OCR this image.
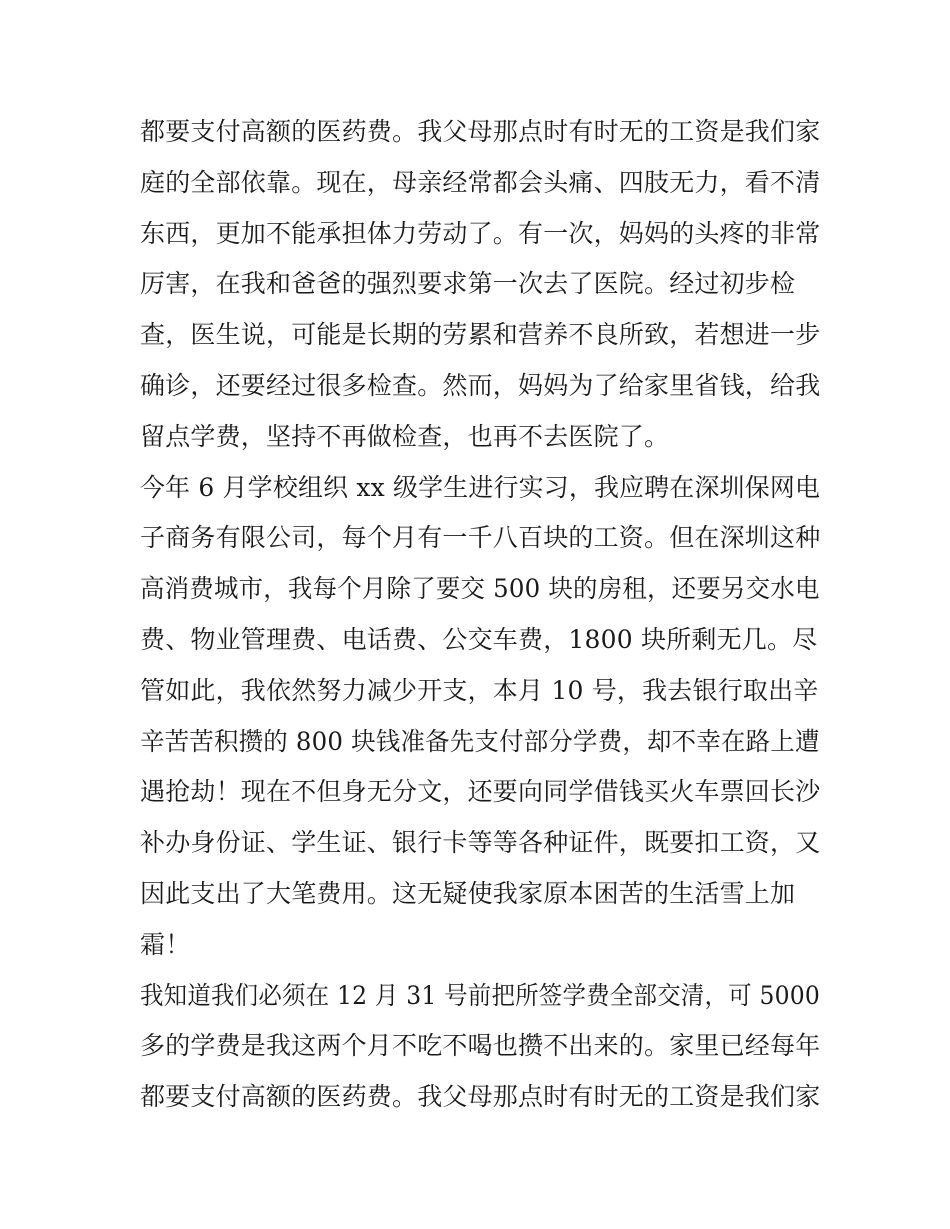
都要支付高额的医药费。我父母那点时有时无的工资是我们家
庭的全部依靠。现在，母亲经常都会头痛、四肢无力，看不清
东西，更加不能承担体力劳动了。有一次，妈妈的头疼的非常
厉害，在我和爸爸的强烈要求第一次去了医院。经过初步检
查，医生说，可能是长期的劳累和营养不良所致，若想进一步
确诊，还要经过很多检查。然而，妈妈为了给家里省钱，给我
留点学费，坚持不再做检查，也再不去医院了。
今年 6 月学校组织 xx 级学生进行实习，我应聘在深圳保网电
子商务有限公司，每个月有一千八百块的工资。但在深圳这种
高消费城市，我每个月除了要交 500 块的房租，还要另交水电
费、物业管理费、电话费、公交车费，1800 块所剩无几。尽
管如此，我依然努力减少开支，本月 10 号，我去银行取出辛
辛苦苦积攒的 800 块钱准备先支付部分学费，却不幸在路上遭
遇抢劫！现在不但身无分文，还要向同学借钱买火车票回长沙
补办身份证、学生证、银行卡等等各种证件，既要扣工资，又
因此支出了大笔费用。这无疑使我家原本困苦的生活雪上加
霜！
我知道我们必须在 12 月 31 号前把所签学费全部交清，可 5000
多的学费是我这两个月不吃不喝也攒不出来的。家里已经每年
都要支付高额的医药费。我父母那点时有时无的工资是我们家
